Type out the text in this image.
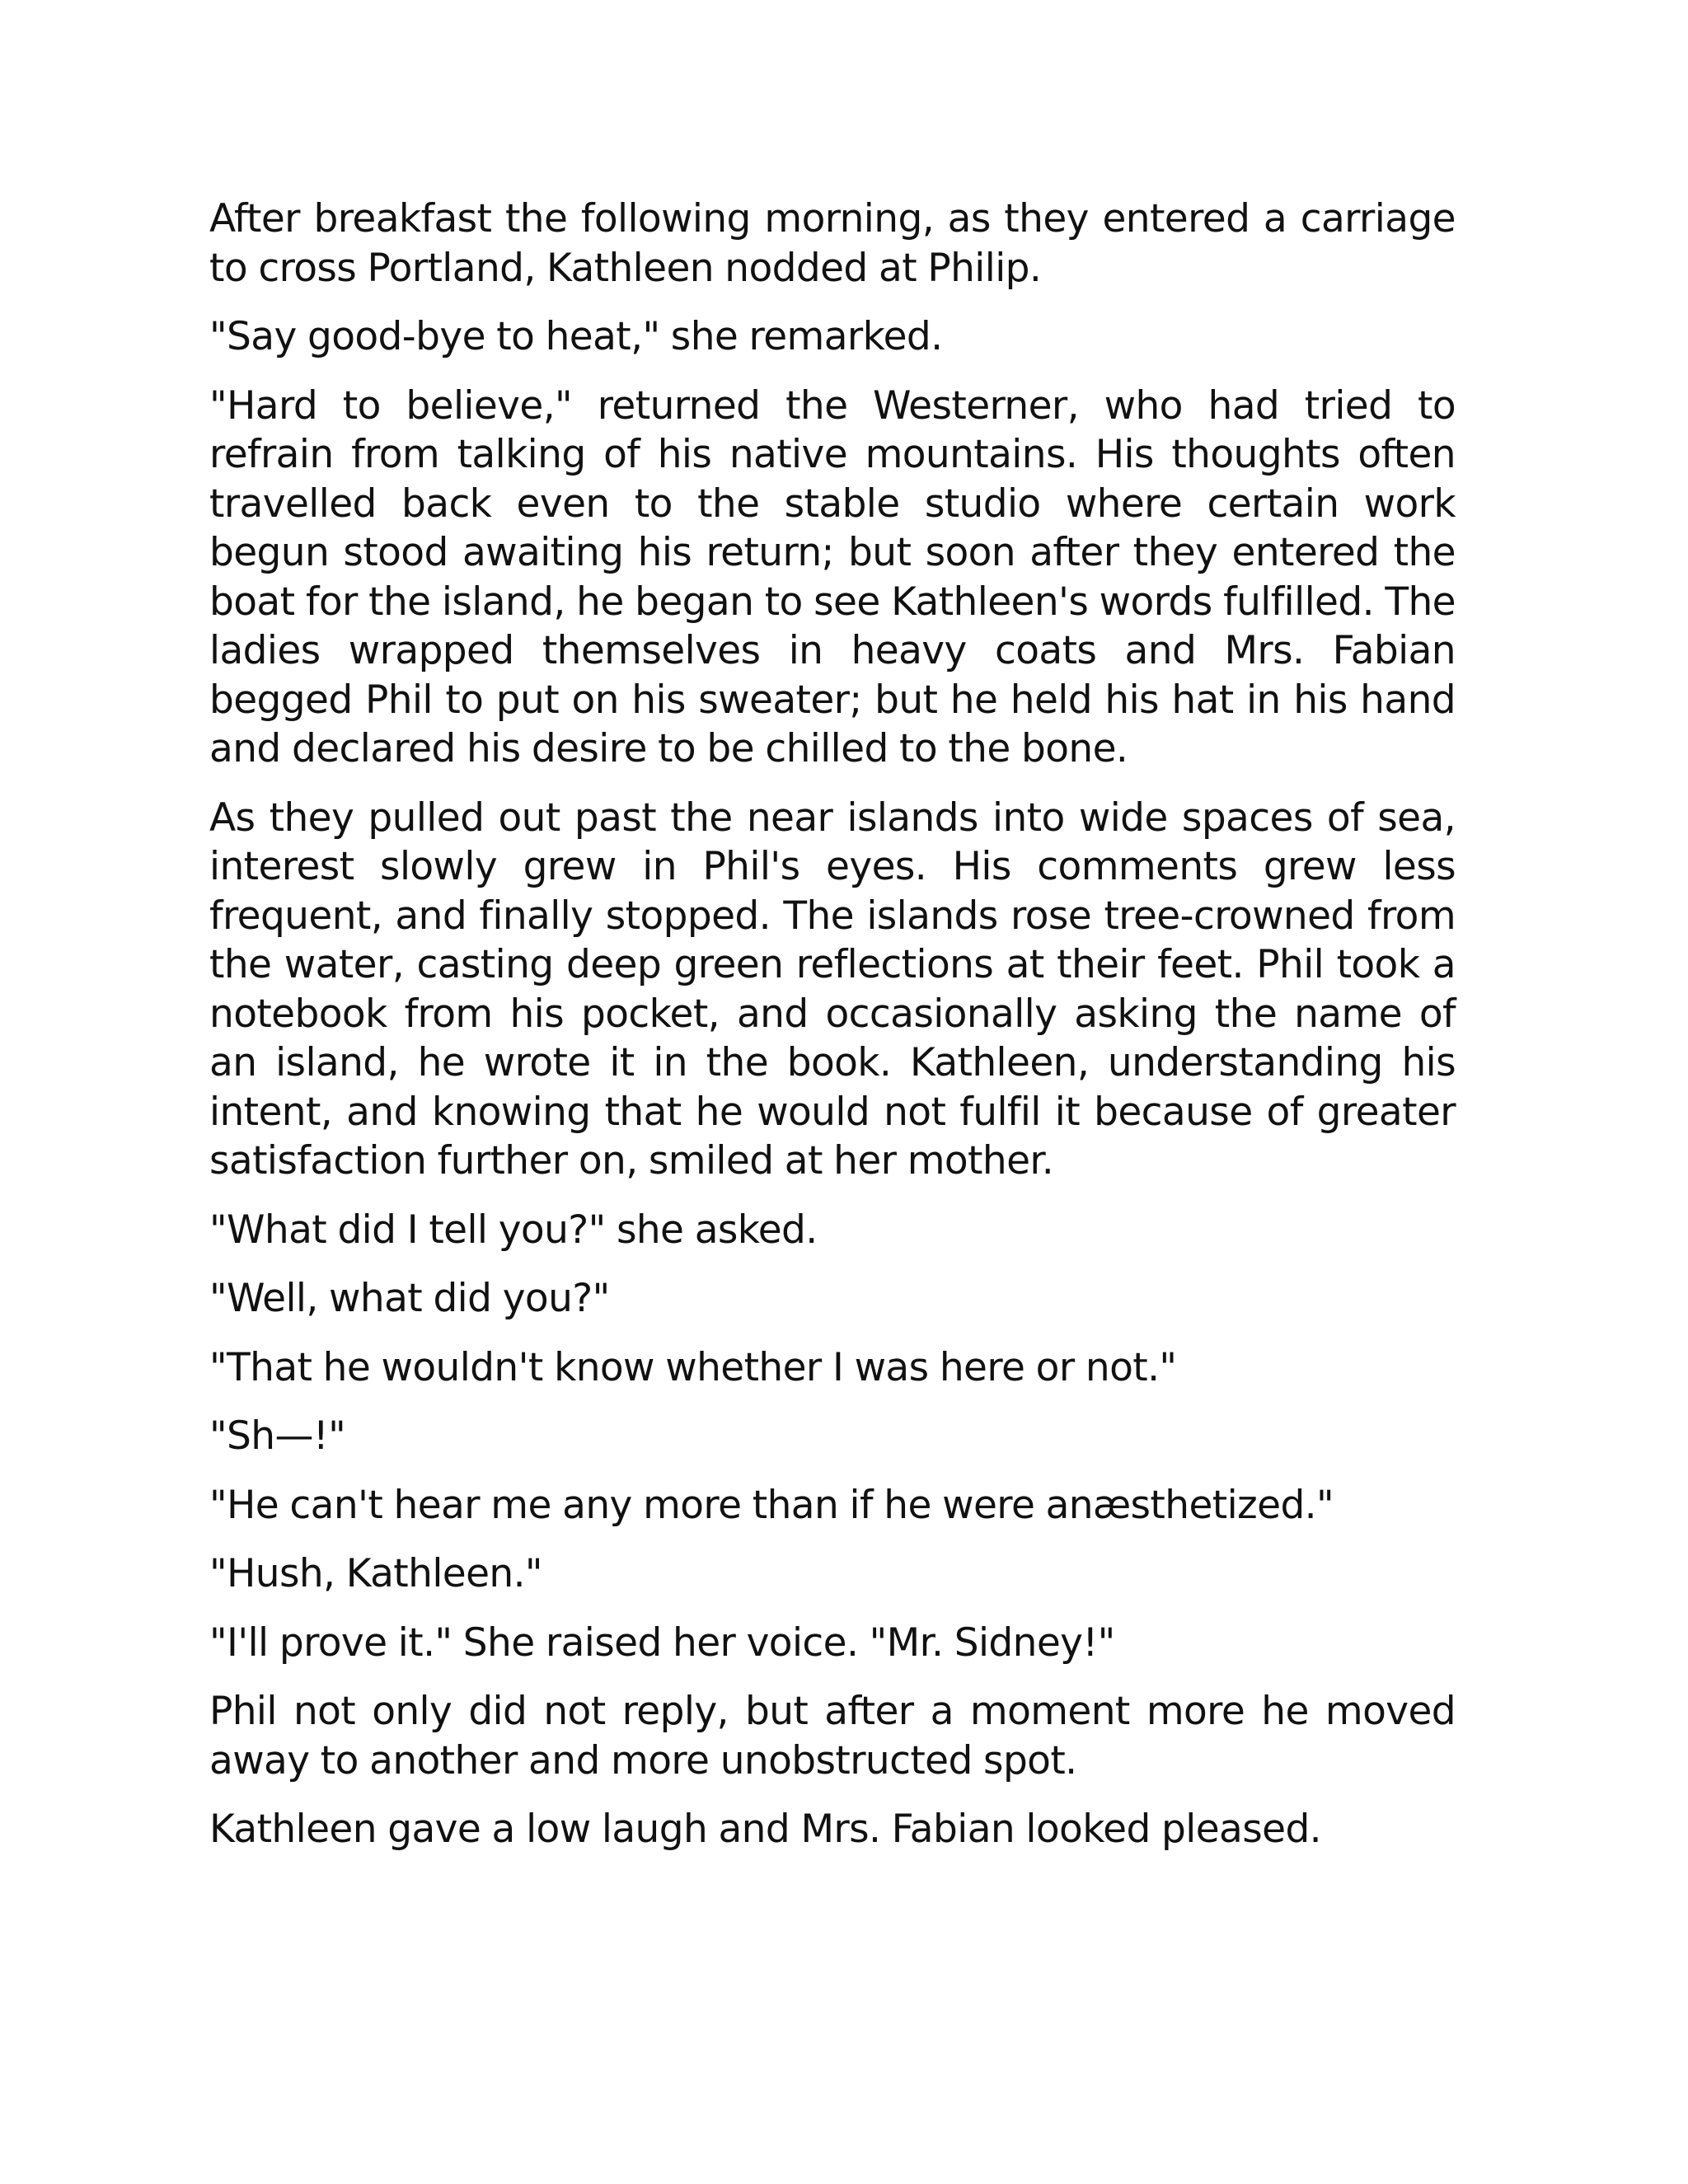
After breakfast the following morning, as they entered a carriage to cross Portland, Kathleen nodded at Philip.

"Say good-bye to heat," she remarked.

"Hard to believe," returned the Westerner, who had tried to refrain from talking of his native mountains. His thoughts often travelled back even to the stable studio where certain work begun stood awaiting his return; but soon after they entered the boat for the island, he began to see Kathleen's words fulfilled. The ladies wrapped themselves in heavy coats and Mrs. Fabian begged Phil to put on his sweater; but he held his hat in his hand and declared his desire to be chilled to the bone.

As they pulled out past the near islands into wide spaces of sea, interest slowly grew in Phil's eyes. His comments grew less frequent, and finally stopped. The islands rose tree-crowned from the water, casting deep green reflections at their feet. Phil took a notebook from his pocket, and occasionally asking the name of an island, he wrote it in the book. Kathleen, understanding his intent, and knowing that he would not fulfil it because of greater satisfaction further on, smiled at her mother.

"What did I tell you?" she asked.

"Well, what did you?"

"That he wouldn't know whether I was here or not."

"Sh—!"

"He can't hear me any more than if he were anæsthetized."

"Hush, Kathleen."

"I'll prove it." She raised her voice. "Mr. Sidney!"

Phil not only did not reply, but after a moment more he moved away to another and more unobstructed spot.

Kathleen gave a low laugh and Mrs. Fabian looked pleased.
